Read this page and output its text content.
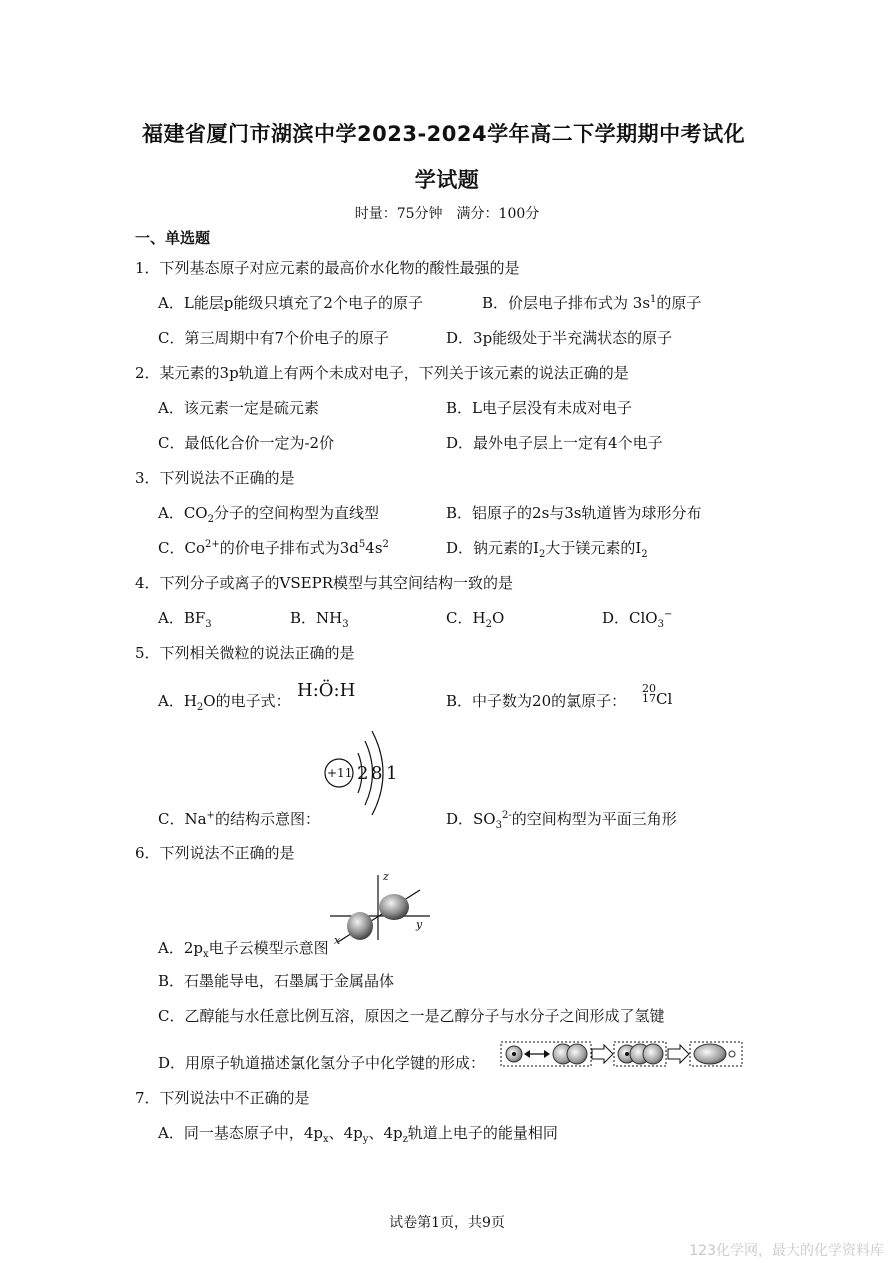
福建省厦门市湖滨中学2023-2024学年高二下学期期中考试化
学试题
时量：75分钟　满分：100分
一、单选题
1．下列基态原子对应元素的最高价水化物的酸性最强的是
A．L能层p能级只填充了2个电子的原子	B．价层电子排布式为 $3s^1$的原子
C．第三周期中有7个价电子的原子	D．3p能级处于半充满状态的原子
2．某元素的3p轨道上有两个未成对电子，下列关于该元素的说法正确的是
A．该元素一定是硫元素	B．L电子层没有未成对电子
C．最低化合价一定为-2价	D．最外电子层上一定有4个电子
3．下列说法不正确的是
A．$CO_2$分子的空间构型为直线型	B．铝原子的2s与3s轨道皆为球形分布
C．$Co^{2+}$的价电子排布式为$3d^54s^2$	D．钠元素的$I_2$大于镁元素的$I_2$
4．下列分子或离子的VSEPR模型与其空间结构一致的是
A．$BF_3$	B．$NH_3$	C．$H_2O$	D．ClO$_3$−
5．下列相关微粒的说法正确的是
A．$H_2O$的电子式： H:Ö:H	B．中子数为20的氯原子：
20
17 Cl
+11 2 8 1
C．Na+的结构示意图：	D．$SO_3^{2-}$的空间构型为平面三角形
6．下列说法不正确的是
z
y
x
A．$2p_x$电子云模型示意图
B．石墨能导电，石墨属于金属晶体
C．乙醇能与水任意比例互溶，原因之一是乙醇分子与水分子之间形成了氢键
D．用原子轨道描述氯化氢分子中化学键的形成：
7．下列说法中不正确的是
A．同一基态原子中，$4p_x$、$4p_y$、$4p_z$轨道上电子的能量相同
试卷第1页，共9页
123化学网，最大的化学资料库
